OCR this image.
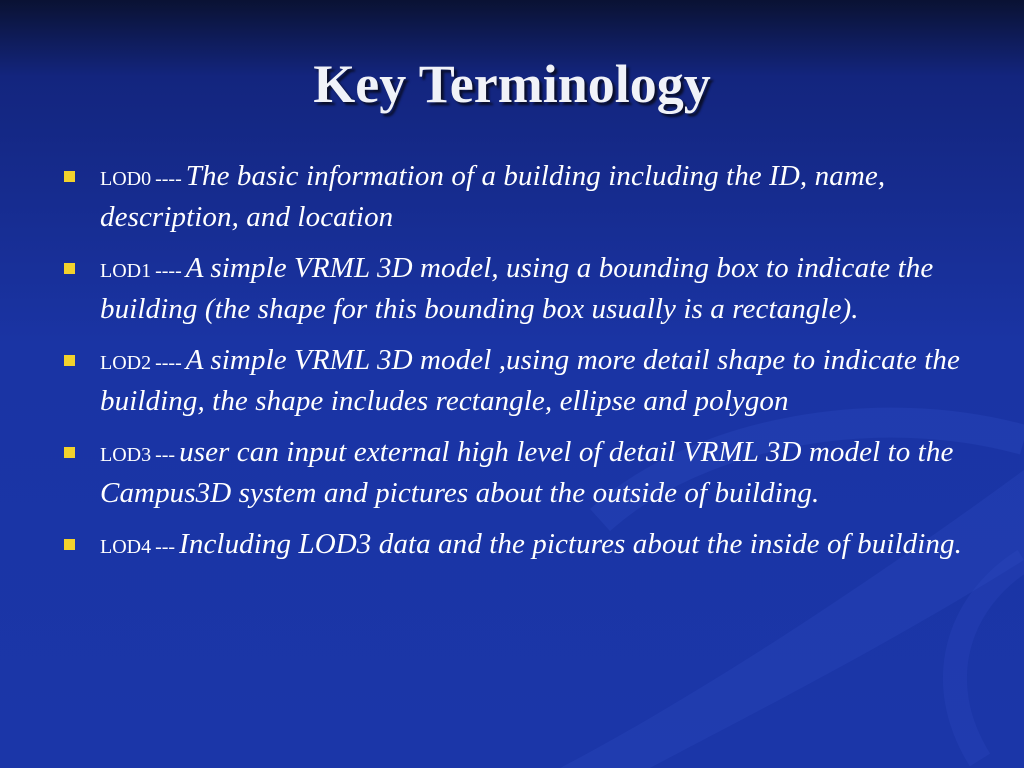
Key Terminology
LOD0 ---- The basic information of a building including the ID, name, description, and location
LOD1 ---- A simple VRML 3D model, using a bounding box to indicate the building (the shape for this bounding box usually is a rectangle).
LOD2 ---- A simple VRML 3D model ,using more detail shape to indicate the building, the shape includes rectangle, ellipse and polygon
LOD3 --- user can input external high level of detail VRML 3D model to the Campus3D system and pictures about the outside of building.
LOD4 --- Including LOD3 data and the pictures about the inside of building.
